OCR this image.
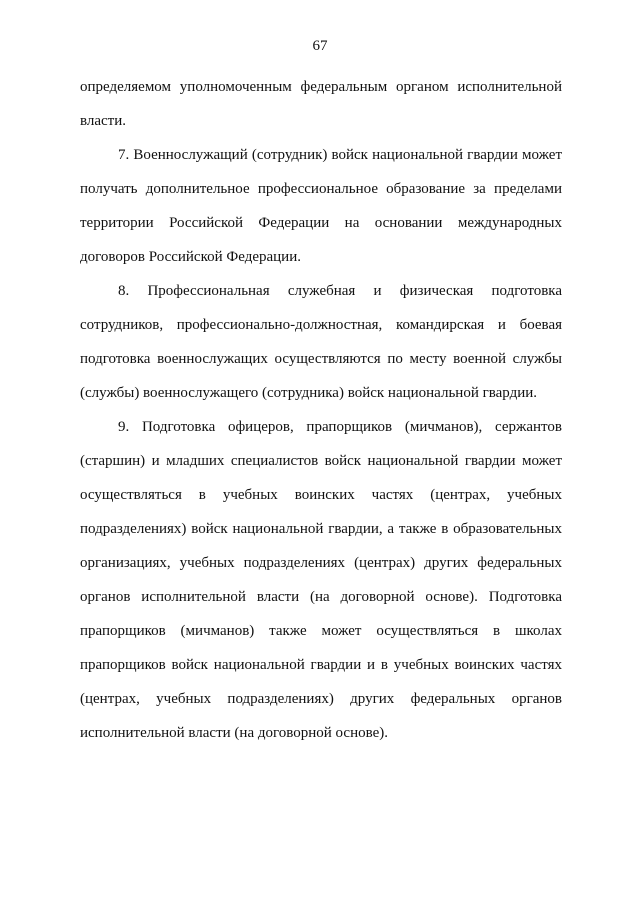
67

определяемом уполномоченным федеральным органом исполнительной власти.

7. Военнослужащий (сотрудник) войск национальной гвардии может получать дополнительное профессиональное образование за пределами территории Российской Федерации на основании международных договоров Российской Федерации.

8. Профессиональная служебная и физическая подготовка сотрудников, профессионально-должностная, командирская и боевая подготовка военнослужащих осуществляются по месту военной службы (службы) военнослужащего (сотрудника) войск национальной гвардии.

9. Подготовка офицеров, прапорщиков (мичманов), сержантов (старшин) и младших специалистов войск национальной гвардии может осуществляться в учебных воинских частях (центрах, учебных подразделениях) войск национальной гвардии, а также в образовательных организациях, учебных подразделениях (центрах) других федеральных органов исполнительной власти (на договорной основе). Подготовка прапорщиков (мичманов) также может осуществляться в школах прапорщиков войск национальной гвардии и в учебных воинских частях (центрах, учебных подразделениях) других федеральных органов исполнительной власти (на договорной основе).
